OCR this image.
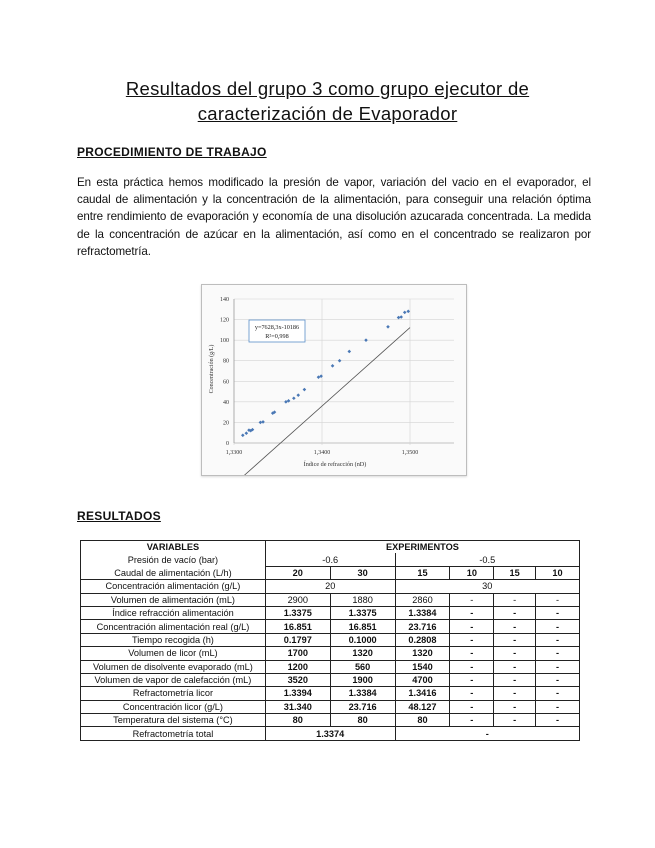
Resultados del grupo 3 como grupo ejecutor de
caracterización de Evaporador
PROCEDIMIENTO DE TRABAJO
En esta práctica hemos modificado la presión de vapor, variación del vacio en el evaporador, el caudal de alimentación y la concentración de la alimentación, para conseguir una relación óptima entre rendimiento de evaporación y economía de una disolución azucarada concentrada. La medida de la concentración de azúcar en la alimentación, así como en el concentrado se realizaron por refractometría.
0
20
40
60
80
100
120
140
1,3300	1,3400	1,3500
y=7628,3x-10186
R²=0,998
Índice de refracción (nD)
Concentración (g/L)
RESULTADOS
VARIABLES	EXPERIMENTOS					
Presión de vacío (bar)	-0.6		-0.5			
Caudal de alimentación (L/h)	20	30	15	10	15	10
Concentración alimentación (g/L)	20		30			
Volumen de alimentación (mL)	2900	1880	2860	-	-	-
Índice refracción alimentación	1.3375	1.3375	1.3384	-	-	-
Concentración alimentación real (g/L)	16.851	16.851	23.716	-	-	-
Tiempo recogida (h)	0.1797	0.1000	0.2808	-	-	-
Volumen de licor (mL)	1700	1320	1320	-	-	-
Volumen de disolvente evaporado (mL)	1200	560	1540	-	-	-
Volumen de vapor de calefacción (mL)	3520	1900	4700	-	-	-
Refractometría licor	1.3394	1.3384	1.3416	-	-	-
Concentración licor (g/L)	31.340	23.716	48.127	-	-	-
Temperatura del sistema (°C)	80	80	80	-	-	-
Refractometría total	1.3374		-			
